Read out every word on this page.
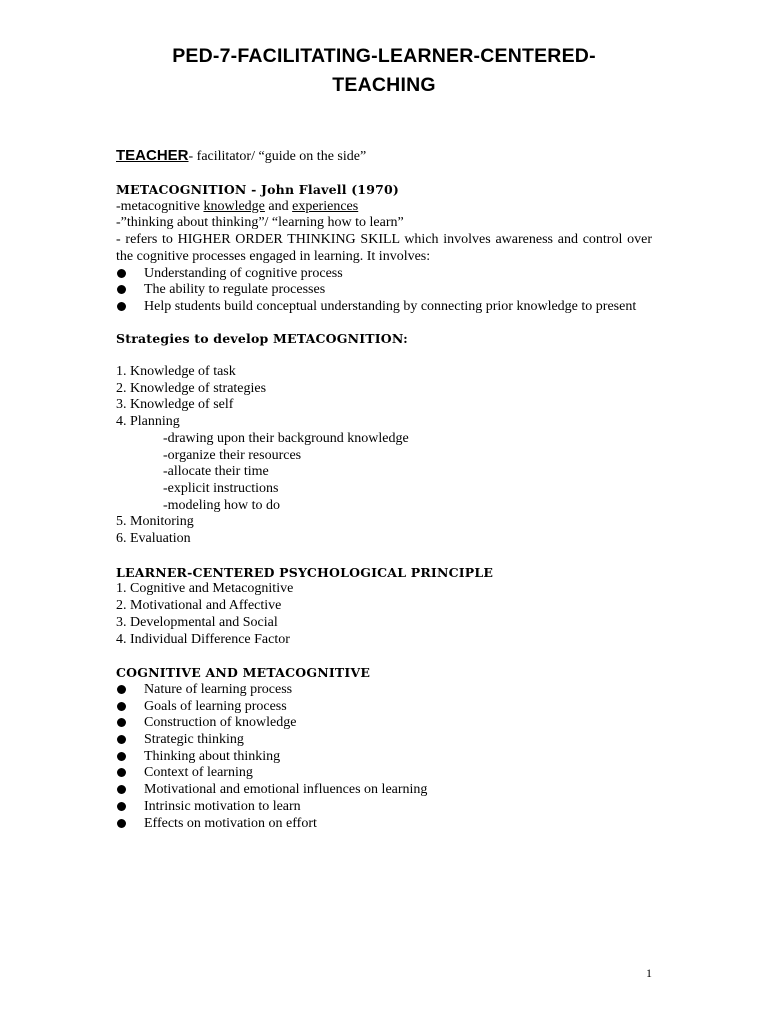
PED-7-FACILITATING-LEARNER-CENTERED-
TEACHING
TEACHER- facilitator/ “guide on the side”
METACOGNITION - John Flavell (1970)
-metacognitive knowledge and experiences
-”thinking about thinking”/ “learning how to learn”
- refers to HIGHER ORDER THINKING SKILL which involves awareness and control over the cognitive processes engaged in learning. It involves:
Understanding of cognitive process
The ability to regulate processes
Help students build conceptual understanding by connecting prior knowledge to present
Strategies to develop METACOGNITION:
1. Knowledge of task
2. Knowledge of strategies
3. Knowledge of self
4. Planning
-drawing upon their background knowledge
-organize their resources
-allocate their time
-explicit instructions
-modeling how to do
5. Monitoring
6. Evaluation
LEARNER-CENTERED PSYCHOLOGICAL PRINCIPLE
1. Cognitive and Metacognitive
2. Motivational and Affective
3. Developmental and Social
4. Individual Difference Factor
COGNITIVE AND METACOGNITIVE
Nature of learning process
Goals of learning process
Construction of knowledge
Strategic thinking
Thinking about thinking
Context of learning
Motivational and emotional influences on learning
Intrinsic motivation to learn
Effects on motivation on effort
1
